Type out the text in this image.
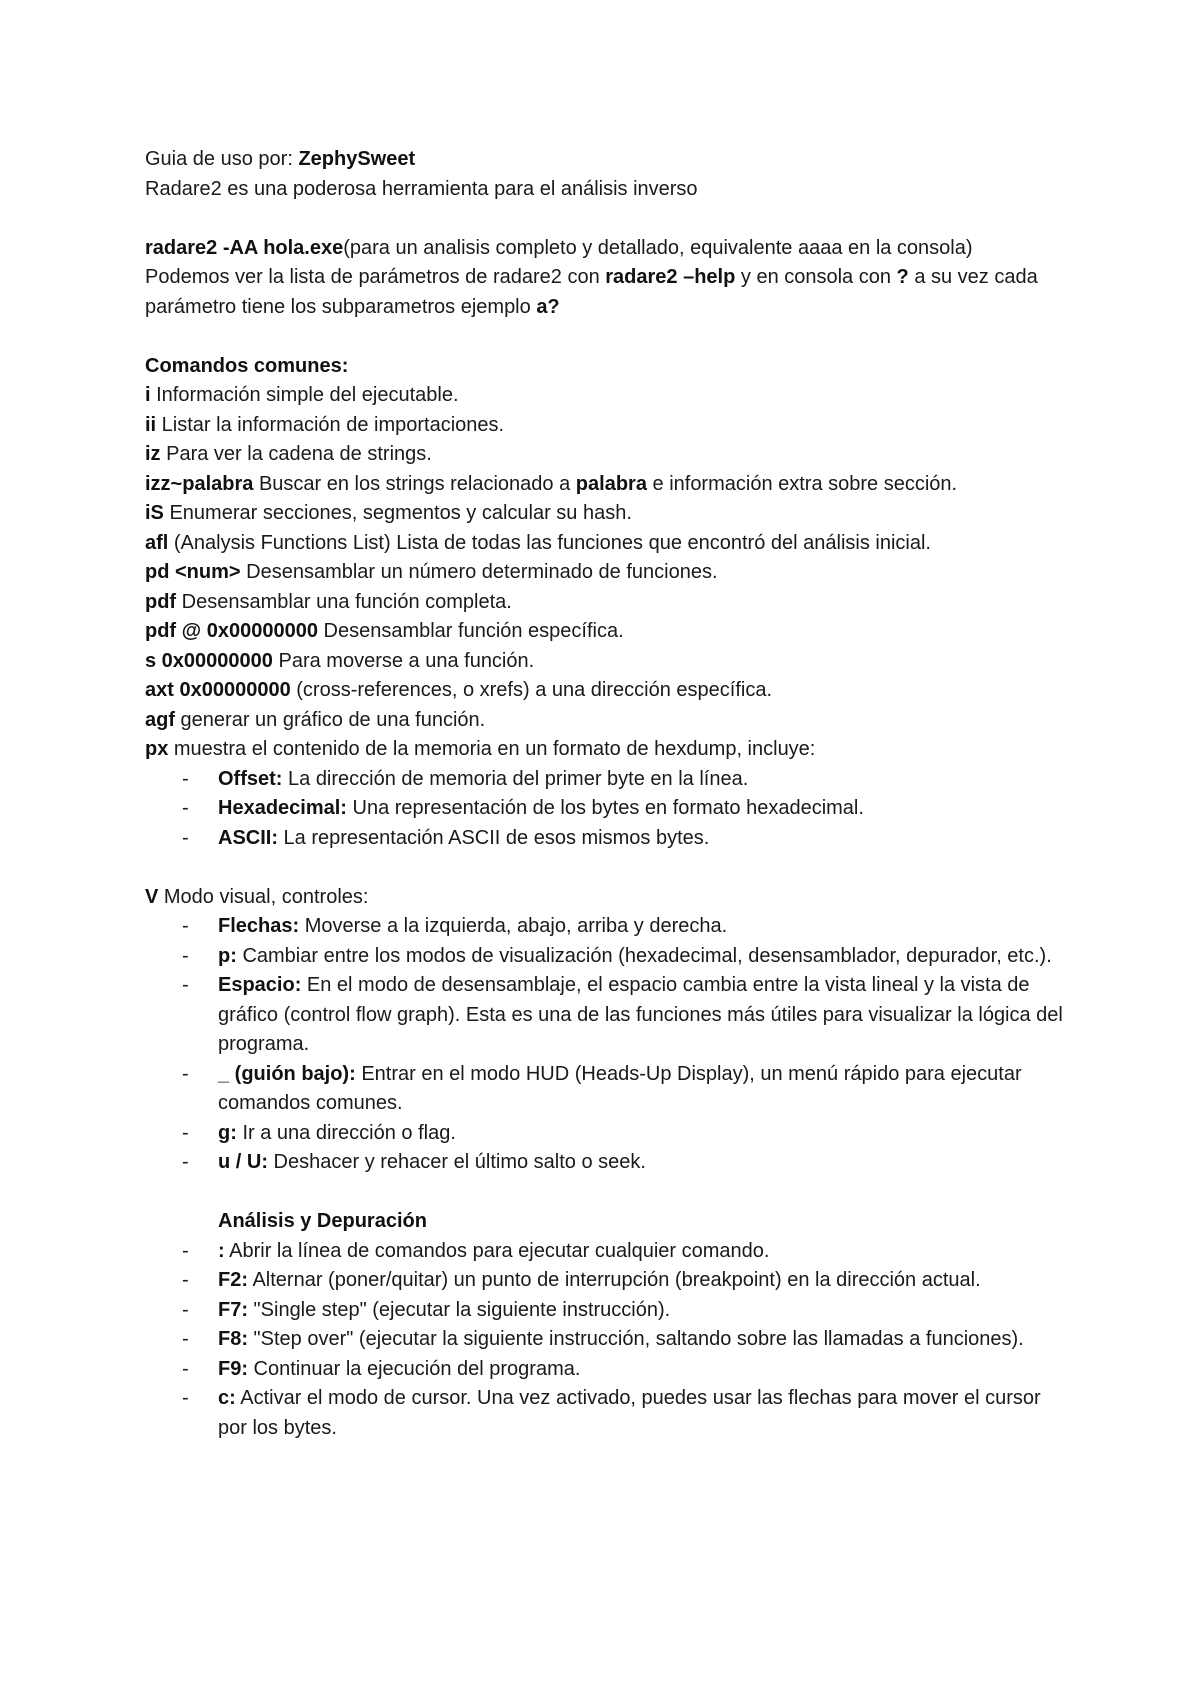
Guia de uso por: ZephySweet

Radare2 es una poderosa herramienta para el análisis inverso

radare2 -AA hola.exe(para un analisis completo y detallado, equivalente aaaa en la consola)

Podemos ver la lista de parámetros de radare2 con radare2 –help y en consola con ? a su vez cada parámetro tiene los subparametros ejemplo a?

Comandos comunes:

i Información simple del ejecutable.

ii Listar la información de importaciones.

iz Para ver la cadena de strings.

izz~palabra Buscar en los strings relacionado a palabra e información extra sobre sección.

iS Enumerar secciones, segmentos y calcular su hash.

afl (Analysis Functions List) Lista de todas las funciones que encontró del análisis inicial.

pd <num> Desensamblar un número determinado de funciones.

pdf Desensamblar una función completa.

pdf @ 0x00000000 Desensamblar función específica.

s 0x00000000 Para moverse a una función.

axt 0x00000000 (cross-references, o xrefs) a una dirección específica.

agf generar un gráfico de una función.

px muestra el contenido de la memoria en un formato de hexdump, incluye:

- Offset: La dirección de memoria del primer byte en la línea.

- Hexadecimal: Una representación de los bytes en formato hexadecimal.

- ASCII: La representación ASCII de esos mismos bytes.

V Modo visual, controles:

- Flechas: Moverse a la izquierda, abajo, arriba y derecha.

- p: Cambiar entre los modos de visualización (hexadecimal, desensamblador, depurador, etc.).

- Espacio: En el modo de desensamblaje, el espacio cambia entre la vista lineal y la vista de gráfico (control flow graph). Esta es una de las funciones más útiles para visualizar la lógica del programa.

- _ (guión bajo): Entrar en el modo HUD (Heads-Up Display), un menú rápido para ejecutar comandos comunes.

- g: Ir a una dirección o flag.

- u / U: Deshacer y rehacer el último salto o seek.

Análisis y Depuración

- : Abrir la línea de comandos para ejecutar cualquier comando.

- F2: Alternar (poner/quitar) un punto de interrupción (breakpoint) en la dirección actual.

- F7: "Single step" (ejecutar la siguiente instrucción).

- F8: "Step over" (ejecutar la siguiente instrucción, saltando sobre las llamadas a funciones).

- F9: Continuar la ejecución del programa.

- c: Activar el modo de cursor. Una vez activado, puedes usar las flechas para mover el cursor por los bytes.
